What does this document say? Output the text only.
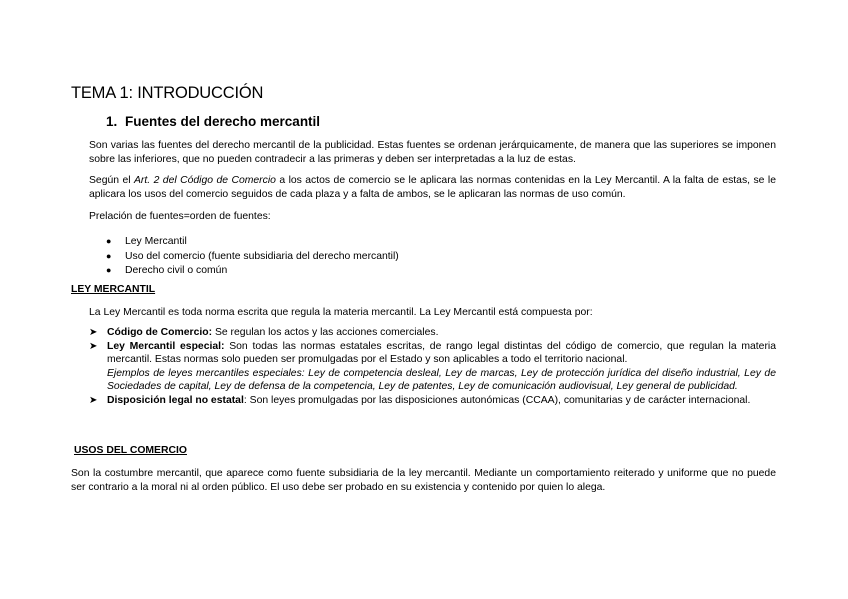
TEMA 1: INTRODUCCIÓN
1. Fuentes del derecho mercantil
Son varias las fuentes del derecho mercantil de la publicidad. Estas fuentes se ordenan jerárquicamente, de manera que las superiores se imponen sobre las inferiores, que no pueden contradecir a las primeras y deben ser interpretadas a la luz de estas.
Según el Art. 2 del Código de Comercio a los actos de comercio se le aplicara las normas contenidas en la Ley Mercantil. A la falta de estas, se le aplicara los usos del comercio seguidos de cada plaza y a falta de ambos, se le aplicaran las normas de uso común.
Prelación de fuentes=orden de fuentes:
● Ley Mercantil
● Uso del comercio (fuente subsidiaria del derecho mercantil)
● Derecho civil o común
LEY MERCANTIL
La Ley Mercantil es toda norma escrita que regula la materia mercantil. La Ley Mercantil está compuesta por:
➤ Código de Comercio: Se regulan los actos y las acciones comerciales.
➤ Ley Mercantil especial: Son todas las normas estatales escritas, de rango legal distintas del código de comercio, que regulan la materia mercantil. Estas normas solo pueden ser promulgadas por el Estado y son aplicables a todo el territorio nacional.
Ejemplos de leyes mercantiles especiales: Ley de competencia desleal, Ley de marcas, Ley de protección jurídica del diseño industrial, Ley de Sociedades de capital, Ley de defensa de la competencia, Ley de patentes, Ley de comunicación audiovisual, Ley general de publicidad.
➤ Disposición legal no estatal: Son leyes promulgadas por las disposiciones autonómicas (CCAA), comunitarias y de carácter internacional.
USOS DEL COMERCIO
Son la costumbre mercantil, que aparece como fuente subsidiaria de la ley mercantil. Mediante un comportamiento reiterado y uniforme que no puede ser contrario a la moral ni al orden público. El uso debe ser probado en su existencia y contenido por quien lo alega.
